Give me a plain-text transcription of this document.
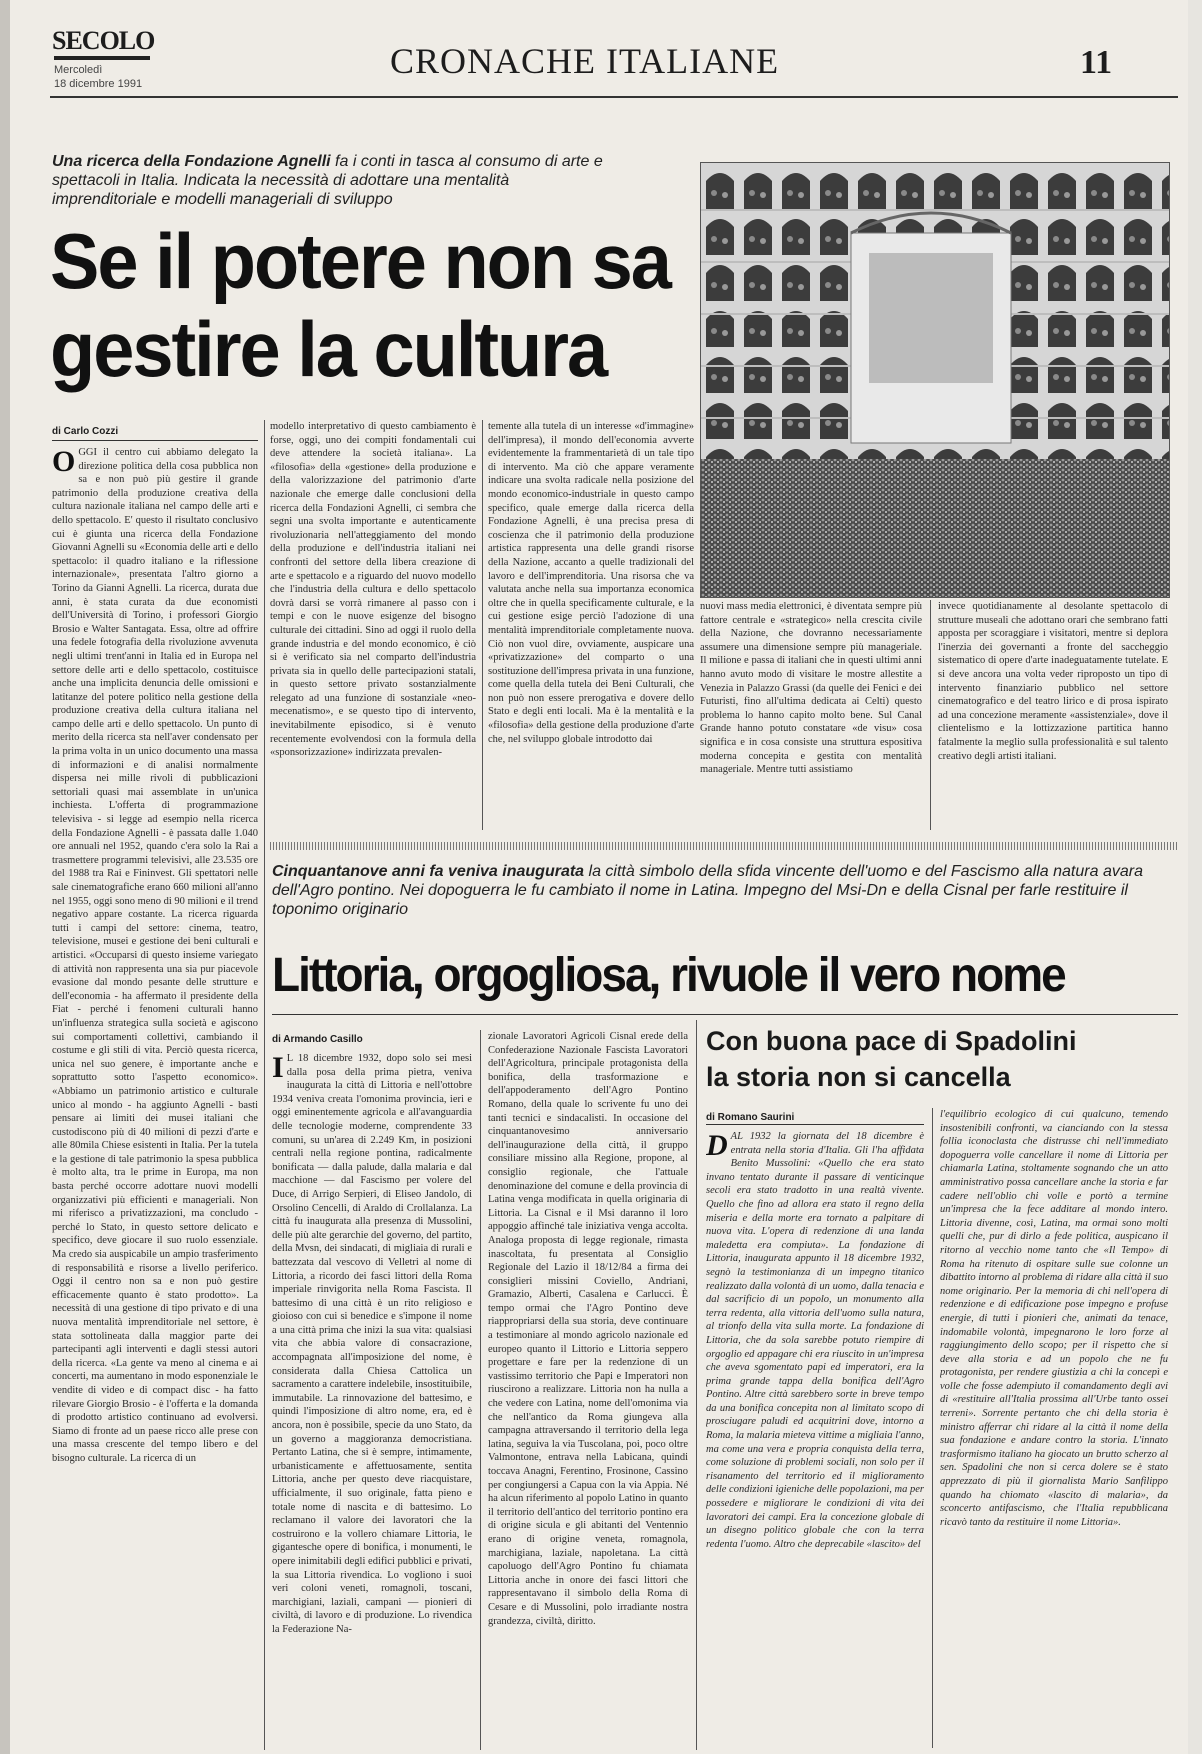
SECOLO
Mercoledì
18 dicembre 1991
CRONACHE ITALIANE	11
Una ricerca della Fondazione Agnelli fa i conti in tasca al consumo di arte e spettacoli in Italia. Indicata la necessità di adottare una mentalità imprenditoriale e modelli manageriali di sviluppo
Se il potere non sa
gestire la cultura
di Carlo Cozzi
OGGI il centro cui abbiamo delegato la direzione politica della cosa pubblica non sa e non può più gestire il grande patrimonio della produzione creativa della cultura nazionale italiana nel campo delle arti e dello spettacolo. E' questo il risultato conclusivo cui è giunta una ricerca della Fondazione Giovanni Agnelli su «Economia delle arti e dello spettacolo: il quadro italiano e la riflessione internazionale», presentata l'altro giorno a Torino da Gianni Agnelli. La ricerca, durata due anni, è stata curata da due economisti dell'Università di Torino, i professori Giorgio Brosio e Walter Santagata. Essa, oltre ad offrire una fedele fotografia della rivoluzione avvenuta negli ultimi trent'anni in Italia ed in Europa nel settore delle arti e dello spettacolo, costituisce anche una implicita denuncia delle omissioni e latitanze del potere politico nella gestione della produzione creativa della cultura italiana nel campo delle arti e dello spettacolo. Un punto di merito della ricerca sta nell'aver condensato per la prima volta in un unico documento una massa di informazioni e di analisi normalmente dispersa nei mille rivoli di pubblicazioni settoriali quasi mai assemblate in un'unica inchiesta. L'offerta di programmazione televisiva - si legge ad esempio nella ricerca della Fondazione Agnelli - è passata dalle 1.040 ore annuali nel 1952, quando c'era solo la Rai a trasmettere programmi televisivi, alle 23.535 ore del 1988 tra Rai e Fininvest. Gli spettatori nelle sale cinematografiche erano 660 milioni all'anno nel 1955, oggi sono meno di 90 milioni e il trend negativo appare costante. La ricerca riguarda tutti i campi del settore: cinema, teatro, televisione, musei e gestione dei beni culturali e artistici. «Occuparsi di questo insieme variegato di attività non rappresenta una sia pur piacevole evasione dal mondo pesante delle strutture e dell'economia - ha affermato il presidente della Fiat - perché i fenomeni culturali hanno un'influenza strategica sulla società e agiscono sui comportamenti collettivi, cambiando il costume e gli stili di vita. Perciò questa ricerca, unica nel suo genere, è importante anche e soprattutto sotto l'aspetto economico». «Abbiamo un patrimonio artistico e culturale unico al mondo - ha aggiunto Agnelli - basti pensare ai limiti dei musei italiani che custodiscono più di 40 milioni di pezzi d'arte e alle 80mila Chiese esistenti in Italia. Per la tutela e la gestione di tale patrimonio la spesa pubblica è molto alta, tra le prime in Europa, ma non basta perché occorre adottare nuovi modelli organizzativi più efficienti e manageriali. Non mi riferisco a privatizzazioni, ma concludo - perché lo Stato, in questo settore delicato e specifico, deve giocare il suo ruolo essenziale. Ma credo sia auspicabile un ampio trasferimento di responsabilità e risorse a livello periferico. Oggi il centro non sa e non può gestire efficacemente quanto è stato prodotto». La necessità di una gestione di tipo privato e di una nuova mentalità imprenditoriale nel settore, è stata sottolineata dalla maggior parte dei partecipanti agli interventi e dagli stessi autori della ricerca. «La gente va meno al cinema e ai concerti, ma aumentano in modo esponenziale le vendite di video e di compact disc - ha fatto rilevare Giorgio Brosio - è l'offerta e la domanda di prodotto artistico continuano ad evolversi. Siamo di fronte ad un paese ricco alle prese con una massa crescente del tempo libero e del bisogno culturale. La ricerca di un
modello interpretativo di questo cambiamento è forse, oggi, uno dei compiti fondamentali cui deve attendere la società italiana». La «filosofia» della «gestione» della produzione e della valorizzazione del patrimonio d'arte nazionale che emerge dalle conclusioni della ricerca della Fondazioni Agnelli, ci sembra che segni una svolta importante e autenticamente rivoluzionaria nell'atteggiamento del mondo della produzione e dell'industria italiani nei confronti del settore della libera creazione di arte e spettacolo e a riguardo del nuovo modello che l'industria della cultura e dello spettacolo dovrà darsi se vorrà rimanere al passo con i tempi e con le nuove esigenze del bisogno culturale dei cittadini. Sino ad oggi il ruolo della grande industria e del mondo economico, è ciò si è verificato sia nel comparto dell'industria privata sia in quello delle partecipazioni statali, in questo settore privato sostanzialmente relegato ad una funzione di sostanziale «neo-mecenatismo», e se questo tipo di intervento, inevitabilmente episodico, si è venuto recentemente evolvendosi con la formula della «sponsorizzazione» indirizzata prevalen-
temente alla tutela di un interesse «d'immagine» dell'impresa), il mondo dell'economia avverte evidentemente la frammentarietà di un tale tipo di intervento. Ma ciò che appare veramente indicare una svolta radicale nella posizione del mondo economico-industriale in questo campo specifico, quale emerge dalla ricerca della Fondazione Agnelli, è una precisa presa di coscienza che il patrimonio della produzione artistica rappresenta una delle grandi risorse della Nazione, accanto a quelle tradizionali del lavoro e dell'imprenditoria. Una risorsa che va valutata anche nella sua importanza economica oltre che in quella specificamente culturale, e la cui gestione esige perciò l'adozione di una mentalità imprenditoriale completamente nuova. Ciò non vuol dire, ovviamente, auspicare una «privatizzazione» del comparto o una sostituzione dell'impresa privata in una funzione, come quella della tutela dei Beni Culturali, che non può non essere prerogativa e dovere dello Stato e degli enti locali. Ma è la mentalità e la «filosofia» della gestione della produzione d'arte che, nel sviluppo globale introdotto dai
nuovi mass media elettronici, è diventata sempre più fattore centrale e «strategico» nella crescita civile della Nazione, che dovranno necessariamente assumere una dimensione sempre più manageriale. Il milione e passa di italiani che in questi ultimi anni hanno avuto modo di visitare le mostre allestite a Venezia in Palazzo Grassi (da quelle dei Fenici e dei Futuristi, fino all'ultima dedicata ai Celti) questo problema lo hanno capito molto bene. Sul Canal Grande hanno potuto constatare «de visu» cosa significa e in cosa consiste una struttura espositiva moderna concepita e gestita con mentalità manageriale. Mentre tutti assistiamo
invece quotidianamente al desolante spettacolo di strutture museali che adottano orari che sembrano fatti apposta per scoraggiare i visitatori, mentre si deplora l'inerzia dei governanti a fronte del saccheggio sistematico di opere d'arte inadeguatamente tutelate. E si deve ancora una volta veder riproposto un tipo di intervento finanziario pubblico nel settore cinematografico e del teatro lirico e di prosa ispirato ad una concezione meramente «assistenziale», dove il clientelismo e la lottizzazione partitica hanno fatalmente la meglio sulla professionalità e sul talento creativo degli artisti italiani.
Cinquantanove anni fa veniva inaugurata la città simbolo della sfida vincente dell'uomo e del Fascismo alla natura avara dell'Agro pontino. Nei dopoguerra le fu cambiato il nome in Latina. Impegno del Msi-Dn e della Cisnal per farle restituire il toponimo originario
Littoria, orgogliosa, rivuole il vero nome
di Armando Casillo
I L 18 dicembre 1932, dopo solo sei mesi dalla posa della prima pietra, veniva inaugurata la città di Littoria e nell'ottobre 1934 veniva creata l'omonima provincia, ieri e oggi eminentemente agricola e all'avanguardia delle tecnologie moderne, comprendente 33 comuni, su un'area di 2.249 Km, in posizioni centrali nella regione pontina, radicalmente bonificata — dalla palude, dalla malaria e dal macchione — dal Fascismo per volere del Duce, di Arrigo Serpieri, di Eliseo Jandolo, di Orsolino Cencelli, di Araldo di Crollalanza. La città fu inaugurata alla presenza di Mussolini, delle più alte gerarchie del governo, del partito, della Mvsn, dei sindacati, di migliaia di rurali e battezzata dal vescovo di Velletri al nome di Littoria, a ricordo dei fasci littori della Roma imperiale rinvigorita nella Roma Fascista. Il battesimo di una città è un rito religioso e gioioso con cui si benedice e s'impone il nome a una città prima che inizi la sua vita: qualsiasi vita che abbia valore di consacrazione, accompagnata all'imposizione del nome, è considerata dalla Chiesa Cattolica un sacramento a carattere indelebile, insostituibile, immutabile. La rinnovazione del battesimo, e quindi l'imposizione di altro nome, era, ed è ancora, non è possibile, specie da uno Stato, da un governo a maggioranza democristiana. Pertanto Latina, che si è sempre, intimamente, urbanisticamente e affettuosamente, sentita Littoria, anche per questo deve riacquistare, ufficialmente, il suo originale, fatta pieno e totale nome di nascita e di battesimo. Lo reclamano il valore dei lavoratori che la costruirono e la vollero chiamare Littoria, le gigantesche opere di bonifica, i monumenti, le opere inimitabili degli edifici pubblici e privati, la sua Littoria rivendica. Lo vogliono i suoi veri coloni veneti, romagnoli, toscani, marchigiani, laziali, campani — pionieri di civiltà, di lavoro e di produzione. Lo rivendica la Federazione Na-
zionale Lavoratori Agricoli Cisnal erede della Confederazione Nazionale Fascista Lavoratori dell'Agricoltura, principale protagonista della bonifica, della trasformazione e dell'appoderamento dell'Agro Pontino Romano, della quale lo scrivente fu uno dei tanti tecnici e sindacalisti. In occasione del cinquantanovesimo anniversario dell'inaugurazione della città, il gruppo consiliare missino alla Regione, propone, al consiglio regionale, che l'attuale denominazione del comune e della provincia di Latina venga modificata in quella originaria di Littoria. La Cisnal e il Msi daranno il loro appoggio affinché tale iniziativa venga accolta. Analoga proposta di legge regionale, rimasta inascoltata, fu presentata al Consiglio Regionale del Lazio il 18/12/84 a firma dei consiglieri missini Coviello, Andriani, Gramazio, Alberti, Casalena e Carlucci. È tempo ormai che l'Agro Pontino deve riappropriarsi della sua storia, deve continuare a testimoniare al mondo agricolo nazionale ed europeo quanto il Littorio e Littoria seppero progettare e fare per la redenzione di un vastissimo territorio che Papi e Imperatori non riuscirono a realizzare. Littoria non ha nulla a che vedere con Latina, nome dell'omonima via che nell'antico da Roma giungeva alla campagna attraversando il territorio della lega latina, seguiva la via Tuscolana, poi, poco oltre Valmontone, entrava nella Labicana, quindi toccava Anagni, Ferentino, Frosinone, Cassino per congiungersi a Capua con la via Appia. Né ha alcun riferimento al popolo Latino in quanto il territorio dell'antico del territorio pontino era di origine sicula e gli abitanti del Ventennio erano di origine veneta, romagnola, marchigiana, laziale, napoletana. La città capoluogo dell'Agro Pontino fu chiamata Littoria anche in onore dei fasci littori che rappresentavano il simbolo della Roma di Cesare e di Mussolini, polo irradiante nostra grandezza, civiltà, diritto.
Con buona pace di Spadolini
la storia non si cancella
di Romano Saurini
DAL 1932 la giornata del 18 dicembre è entrata nella storia d'Italia. Gli l'ha affidata Benito Mussolini: «Quello che era stato invano tentato durante il passare di venticinque secoli era stato tradotto in una realtà vivente. Quello che fino ad allora era stato il regno della miseria e della morte era tornato a palpitare di nuova vita. L'opera di redenzione di una landa maledetta era compiuta». La fondazione di Littoria, inaugurata appunto il 18 dicembre 1932, segnò la testimonianza di un impegno titanico realizzato dalla volontà di un uomo, dalla tenacia e dal sacrificio di un popolo, un monumento alla terra redenta, alla vittoria dell'uomo sulla natura, al trionfo della vita sulla morte. La fondazione di Littoria, che da sola sarebbe potuto riempire di orgoglio ed appagare chi era riuscito in un'impresa che aveva sgomentato papi ed imperatori, era la prima grande tappa della bonifica dell'Agro Pontino. Altre città sarebbero sorte in breve tempo da una bonifica concepita non al limitato scopo di prosciugare paludi ed acquitrini dove, intorno a Roma, la malaria mieteva vittime a migliaia l'anno, ma come una vera e propria conquista della terra, come soluzione di problemi sociali, non solo per il risanamento del territorio ed il miglioramento delle condizioni igieniche delle popolazioni, ma per possedere e migliorare le condizioni di vita dei lavoratori dei campi. Era la concezione globale di un disegno politico globale che con la terra redenta l'uomo. Altro che deprecabile «lascito» del
l'equilibrio ecologico di cui qualcuno, temendo insostenibili confronti, va cianciando con la stessa follia iconoclasta che distrusse chi nell'immediato dopoguerra volle cancellare il nome di Littoria per chiamarla Latina, stoltamente sognando che un atto amministrativo possa cancellare anche la storia e far cadere nell'oblio chi volle e portò a termine un'impresa che la fece additare al mondo intero. Littoria divenne, così, Latina, ma ormai sono molti quelli che, pur di dirlo a fede politica, auspicano il ritorno al vecchio nome tanto che «Il Tempo» di Roma ha ritenuto di ospitare sulle sue colonne un dibattito intorno al problema di ridare alla città il suo nome originario. Per la memoria di chi nell'opera di redenzione e di edificazione pose impegno e profuse energie, di tutti i pionieri che, animati da tenace, indomabile volontà, impegnarono le loro forze al raggiungimento dello scopo; per il rispetto che si deve alla storia e ad un popolo che ne fu protagonista, per rendere giustizia a chi la concepì e volle che fosse adempiuto il comandamento degli avi di «restituire all'Italia prossima all'Urbe tanto ossei terreni». Sorrente pertanto che chi della storia è ministro afferrar chi ridare al la città il nome della sua fondazione e andare contro la storia. L'innato trasformismo italiano ha giocato un brutto scherzo al sen. Spadolini che non si cerca dolere se è stato apprezzato di più il giornalista Mario Sanfilippo quando ha chiomato «lascito di malaria», da sconcerto antifascismo, che l'Italia repubblicana ricavò tanto da restituire il nome Littoria».
